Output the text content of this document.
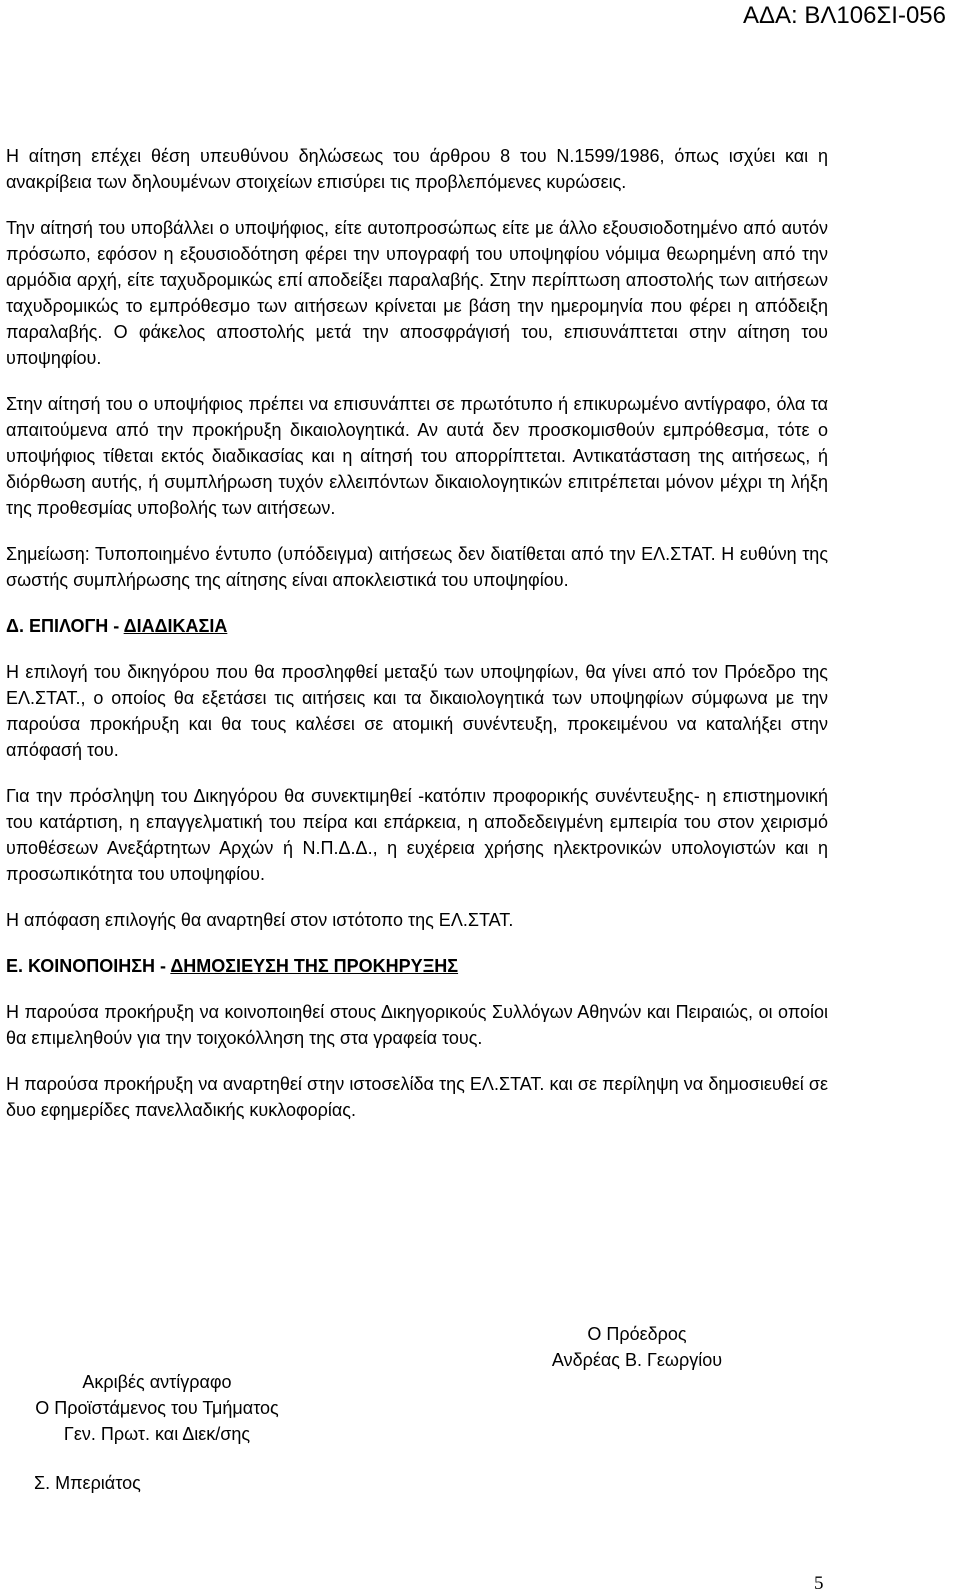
ΑΔΑ: ΒΛ106ΣΙ-056

Η αίτηση επέχει θέση υπευθύνου δηλώσεως του άρθρου 8 του Ν.1599/1986, όπως ισχύει και η ανακρίβεια των δηλουμένων στοιχείων επισύρει τις προβλεπόμενες κυρώσεις.

Την αίτησή του υποβάλλει ο υποψήφιος, είτε αυτοπροσώπως είτε με άλλο εξουσιοδοτημένο από αυτόν πρόσωπο, εφόσον η εξουσιοδότηση φέρει την υπογραφή του υποψηφίου νόμιμα θεωρημένη από την αρμόδια αρχή, είτε ταχυδρομικώς επί αποδείξει παραλαβής. Στην περίπτωση αποστολής των αιτήσεων ταχυδρομικώς το εμπρόθεσμο των αιτήσεων κρίνεται με βάση την ημερομηνία που φέρει η απόδειξη παραλαβής. Ο φάκελος αποστολής μετά την αποσφράγισή του, επισυνάπτεται στην αίτηση του υποψηφίου.

Στην αίτησή του ο υποψήφιος πρέπει να επισυνάπτει σε πρωτότυπο ή επικυρωμένο αντίγραφο, όλα τα απαιτούμενα από την προκήρυξη δικαιολογητικά. Αν αυτά δεν προσκομισθούν εμπρόθεσμα, τότε ο υποψήφιος τίθεται εκτός διαδικασίας και η αίτησή του απορρίπτεται. Αντικατάσταση της αιτήσεως, ή διόρθωση αυτής, ή συμπλήρωση τυχόν ελλειπόντων δικαιολογητικών επιτρέπεται μόνον μέχρι τη λήξη της προθεσμίας υποβολής των αιτήσεων.

Σημείωση: Τυποποιημένο έντυπο (υπόδειγμα) αιτήσεως δεν διατίθεται από την ΕΛ.ΣΤΑΤ. Η ευθύνη της σωστής συμπλήρωσης της αίτησης είναι αποκλειστικά του υποψηφίου.

Δ. ΕΠΙΛΟΓΗ - ΔΙΑΔΙΚΑΣΙΑ

Η επιλογή του δικηγόρου που θα προσληφθεί μεταξύ των υποψηφίων, θα γίνει από τον Πρόεδρο της ΕΛ.ΣΤΑΤ., ο οποίος θα εξετάσει τις αιτήσεις και τα δικαιολογητικά των υποψηφίων σύμφωνα με την παρούσα προκήρυξη και θα τους καλέσει σε ατομική συνέντευξη, προκειμένου να καταλήξει στην απόφασή του.

Για την πρόσληψη του Δικηγόρου θα συνεκτιμηθεί -κατόπιν προφορικής συνέντευξης- η επιστημονική του κατάρτιση, η επαγγελματική του πείρα και επάρκεια, η αποδεδειγμένη εμπειρία του στον χειρισμό υποθέσεων Ανεξάρτητων Αρχών ή Ν.Π.Δ.Δ., η ευχέρεια χρήσης ηλεκτρονικών υπολογιστών και η προσωπικότητα του υποψηφίου.

Η απόφαση επιλογής θα αναρτηθεί στον ιστότοπο της ΕΛ.ΣΤΑΤ.

Ε. ΚΟΙΝΟΠΟΙΗΣΗ - ΔΗΜΟΣΙΕΥΣΗ ΤΗΣ ΠΡΟΚΗΡΥΞΗΣ

Η παρούσα προκήρυξη να κοινοποιηθεί στους Δικηγορικούς Συλλόγων Αθηνών και Πειραιώς, οι οποίοι θα επιμεληθούν για την τοιχοκόλληση της στα γραφεία τους.

Η παρούσα προκήρυξη να αναρτηθεί στην ιστοσελίδα της ΕΛ.ΣΤΑΤ. και σε περίληψη να δημοσιευθεί σε δυο εφημερίδες πανελλαδικής κυκλοφορίας.

Ο Πρόεδρος
Ανδρέας Β. Γεωργίου
Ακριβές αντίγραφο
Ο Προϊστάμενος του Τμήματος
Γεν. Πρωτ. και Διεκ/σης
Σ. Μπεριάτος
5
